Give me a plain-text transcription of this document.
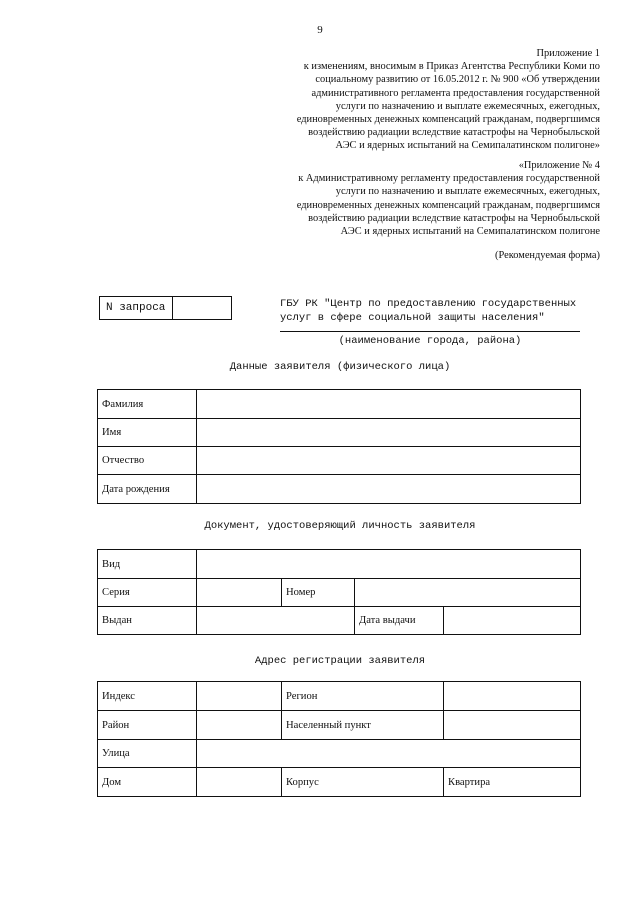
9
Приложение 1
к изменениям, вносимым в Приказ Агентства Республики Коми по
социальному развитию от 16.05.2012 г. № 900 «Об утверждении
административного регламента предоставления государственной
услуги по назначению и выплате ежемесячных, ежегодных,
единовременных денежных компенсаций гражданам, подвергшимся
воздействию радиации вследствие катастрофы на Чернобыльской
АЭС и ядерных испытаний на Семипалатинском полигоне»
«Приложение № 4
к Административному регламенту предоставления государственной
услуги по назначению и выплате ежемесячных, ежегодных,
единовременных денежных компенсаций гражданам, подвергшимся
воздействию радиации вследствие катастрофы на Чернобыльской
АЭС и ядерных испытаний на Семипалатинском полигоне
(Рекомендуемая форма)
N запроса	ГБУ РК "Центр по предоставлению государственных
услуг в сфере социальной защиты населения"
(наименование города, района)
Данные заявителя (физического лица)
Фамилия	
Имя	
Отчество	
Дата рождения	
Документ, удостоверяющий личность заявителя
Вид				
Серия		Номер		
Выдан			Дата выдачи	
Адрес регистрации заявителя
Индекс		Регион	
Район		Населенный пункт	
Улица			
Дом		Корпус	Квартира
